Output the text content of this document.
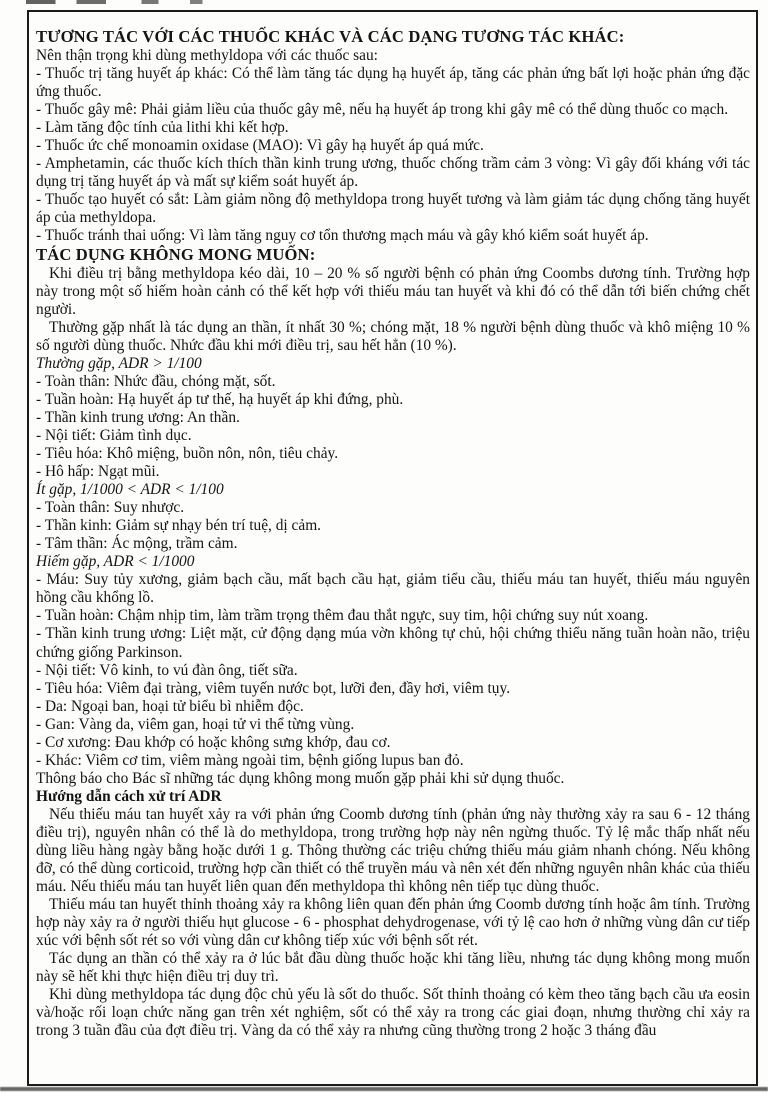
TƯƠNG TÁC VỚI CÁC THUỐC KHÁC VÀ CÁC DẠNG TƯƠNG TÁC KHÁC:

Nên thận trọng khi dùng methyldopa với các thuốc sau:

- Thuốc trị tăng huyết áp khác: Có thể làm tăng tác dụng hạ huyết áp, tăng các phản ứng bất lợi hoặc phản ứng đặc ứng thuốc.

- Thuốc gây mê: Phải giảm liều của thuốc gây mê, nếu hạ huyết áp trong khi gây mê có thể dùng thuốc co mạch.

- Làm tăng độc tính của lithi khi kết hợp.

- Thuốc ức chế monoamin oxidase (MAO): Vì gây hạ huyết áp quá mức.

- Amphetamin, các thuốc kích thích thần kinh trung ương, thuốc chống trầm cảm 3 vòng: Vì gây đối kháng với tác dụng trị tăng huyết áp và mất sự kiểm soát huyết áp.

- Thuốc tạo huyết có sắt: Làm giảm nồng độ methyldopa trong huyết tương và làm giảm tác dụng chống tăng huyết áp của methyldopa.

- Thuốc tránh thai uống: Vì làm tăng nguy cơ tổn thương mạch máu và gây khó kiểm soát huyết áp.

TÁC DỤNG KHÔNG MONG MUỐN:

Khi điều trị bằng methyldopa kéo dài, 10 – 20 % số người bệnh có phản ứng Coombs dương tính. Trường hợp này trong một số hiếm hoàn cảnh có thể kết hợp với thiếu máu tan huyết và khi đó có thể dẫn tới biến chứng chết người.

Thường gặp nhất là tác dụng an thần, ít nhất 30 %; chóng mặt, 18 % người bệnh dùng thuốc và khô miệng 10 % số người dùng thuốc. Nhức đầu khi mới điều trị, sau hết hẳn (10 %).

Thường gặp, ADR > 1/100

- Toàn thân: Nhức đầu, chóng mặt, sốt.

- Tuần hoàn: Hạ huyết áp tư thế, hạ huyết áp khi đứng, phù.

- Thần kinh trung ương: An thần.

- Nội tiết: Giảm tình dục.

- Tiêu hóa: Khô miệng, buồn nôn, nôn, tiêu chảy.

- Hô hấp: Ngạt mũi.

Ít gặp, 1/1000 < ADR < 1/100

- Toàn thân: Suy nhược.

- Thần kinh: Giảm sự nhạy bén trí tuệ, dị cảm.

- Tâm thần: Ác mộng, trầm cảm.

Hiếm gặp, ADR < 1/1000

- Máu: Suy tủy xương, giảm bạch cầu, mất bạch cầu hạt, giảm tiểu cầu, thiếu máu tan huyết, thiếu máu nguyên hồng cầu khổng lồ.

- Tuần hoàn: Chậm nhịp tim, làm trầm trọng thêm đau thắt ngực, suy tim, hội chứng suy nút xoang.

- Thần kinh trung ương: Liệt mặt, cử động dạng múa vờn không tự chủ, hội chứng thiểu năng tuần hoàn não, triệu chứng giống Parkinson.

- Nội tiết: Vô kinh, to vú đàn ông, tiết sữa.

- Tiêu hóa: Viêm đại tràng, viêm tuyến nước bọt, lưỡi đen, đầy hơi, viêm tụy.

- Da: Ngoại ban, hoại tử biểu bì nhiễm độc.

- Gan: Vàng da, viêm gan, hoại tử vi thể từng vùng.

- Cơ xương: Đau khớp có hoặc không sưng khớp, đau cơ.

- Khác: Viêm cơ tim, viêm màng ngoài tim, bệnh giống lupus ban đỏ.

Thông báo cho Bác sĩ những tác dụng không mong muốn gặp phải khi sử dụng thuốc.

Hướng dẫn cách xử trí ADR

Nếu thiếu máu tan huyết xảy ra với phản ứng Coomb dương tính (phản ứng này thường xảy ra sau 6 - 12 tháng điều trị), nguyên nhân có thể là do methyldopa, trong trường hợp này nên ngừng thuốc. Tỷ lệ mắc thấp nhất nếu dùng liều hàng ngày bằng hoặc dưới 1 g. Thông thường các triệu chứng thiếu máu giảm nhanh chóng. Nếu không đỡ, có thể dùng corticoid, trường hợp cần thiết có thể truyền máu và nên xét đến những nguyên nhân khác của thiếu máu. Nếu thiếu máu tan huyết liên quan đến methyldopa thì không nên tiếp tục dùng thuốc.

Thiếu máu tan huyết thỉnh thoảng xảy ra không liên quan đến phản ứng Coomb dương tính hoặc âm tính. Trường hợp này xảy ra ở người thiếu hụt glucose - 6 - phosphat dehydrogenase, với tỷ lệ cao hơn ở những vùng dân cư tiếp xúc với bệnh sốt rét so với vùng dân cư không tiếp xúc với bệnh sốt rét.

Tác dụng an thần có thể xảy ra ở lúc bắt đầu dùng thuốc hoặc khi tăng liều, nhưng tác dụng không mong muốn này sẽ hết khi thực hiện điều trị duy trì.

Khi dùng methyldopa tác dụng độc chủ yếu là sốt do thuốc. Sốt thỉnh thoảng có kèm theo tăng bạch cầu ưa eosin và/hoặc rối loạn chức năng gan trên xét nghiệm, sốt có thể xảy ra trong các giai đoạn, nhưng thường chỉ xảy ra trong 3 tuần đầu của đợt điều trị. Vàng da có thể xảy ra nhưng cũng thường trong 2 hoặc 3 tháng đầu
